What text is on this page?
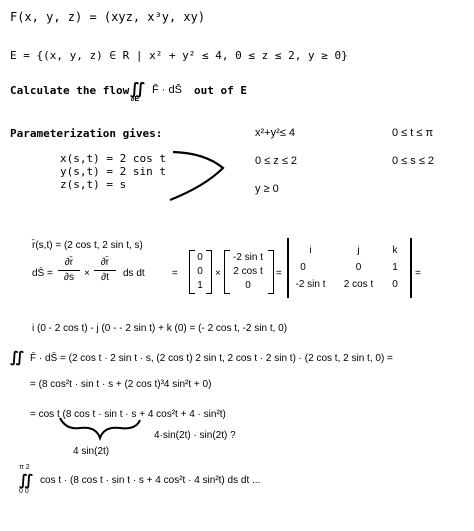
F(x, y, z) = (xyz, x³y, xy)
E = {(x, y, z) ∈ R | x² + y² ≤ 4, 0 ≤ z ≤ 2, y ≥ 0}
Calculate the flow ∬
∂E
F̄ · dS̄ out of E
Parameterization gives:
x(s,t) = 2 cos t
y(s,t) = 2 sin t
z(s,t) = s
x²+y²≤ 4
0 ≤ z ≤ 2
y ≥ 0
0 ≤ t ≤ π
0 ≤ s ≤ 2
r̄(s,t) = (2 cos t, 2 sin t, s)
dS̄ =
∂r̄
∂s	×
∂r̄
∂t	ds dt	=
0
0
1
×
-2 sin t
2 cos t
0
=
i	j	k
0	0	1
-2 sin t	2 cos t	0
=
i (0 - 2 cos t) - j (0 - - 2 sin t) + k (0) = (- 2 cos t, -2 sin t, 0)
∬ F̄ · dS̄ = (2 cos t · 2 sin t · s, (2 cos t) 2 sin t, 2 cos t · 2 sin t) · (2 cos t, 2 sin t, 0) =
= (8 cos²t · sin t · s + (2 cos t)³4 sin²t + 0)
= cos t (8 cos t · sin t · s + 4 cos²t + 4 · sin²t)
4·sin(2t) · sin(2t) ?
4 sin(2t)
π 2
∬
0 0
cos t · (8 cos t · sin t · s + 4 cos²t · 4 sin²t) ds dt ...
